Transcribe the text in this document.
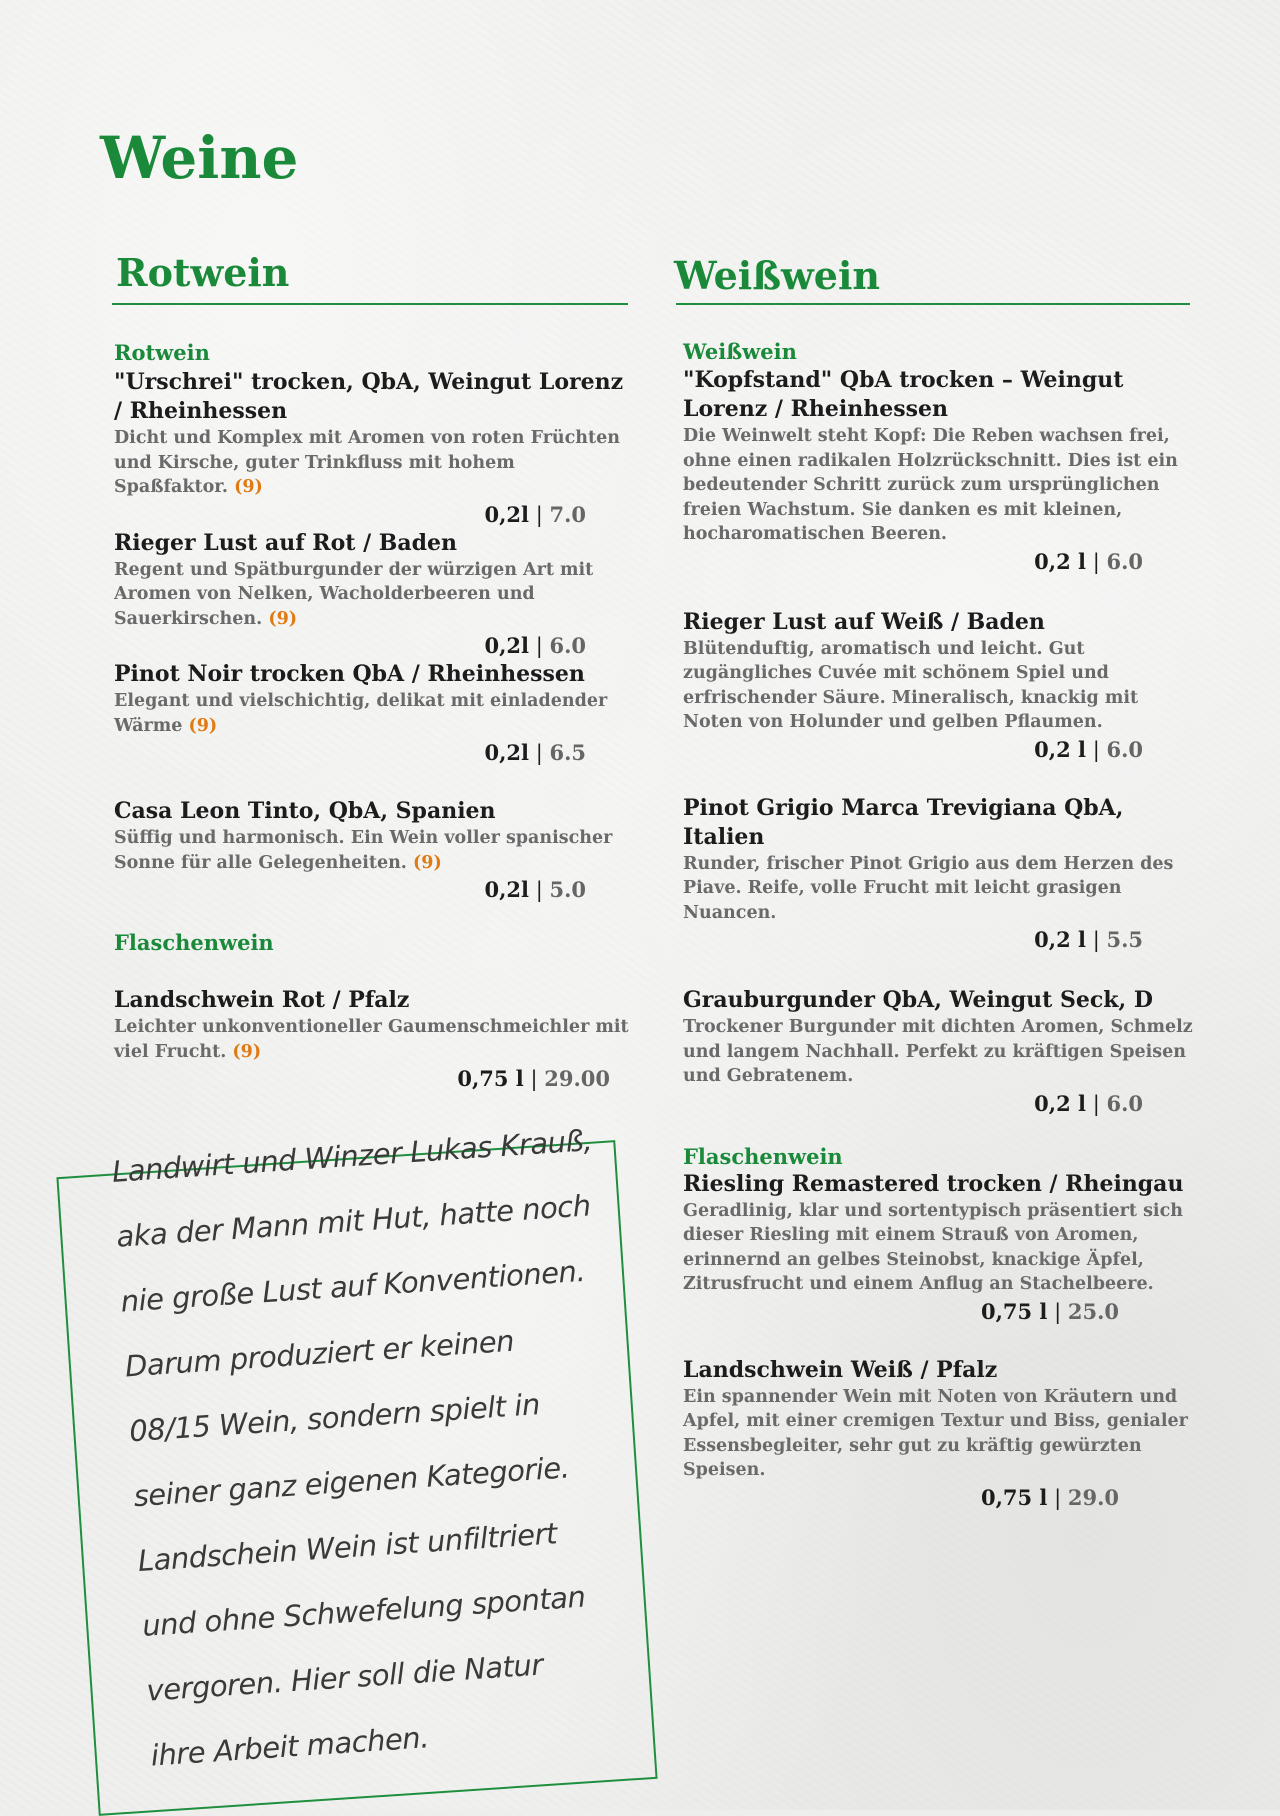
Weine
Rotwein

Rotwein

"Urschrei" trocken, QbA, Weingut Lorenz / Rheinhessen

Dicht und Komplex mit Aromen von roten Früchten und Kirsche, guter Trinkfluss mit hohem Spaßfaktor. (9)

0,2l | 7.0

Rieger Lust auf Rot / Baden

Regent und Spätburgunder der würzigen Art mit Aromen von Nelken, Wacholderbeeren und Sauerkirschen. (9)

0,2l | 6.0

Pinot Noir trocken QbA / Rheinhessen

Elegant und vielschichtig, delikat mit einladender Wärme (9)

0,2l | 6.5

Casa Leon Tinto, QbA, Spanien

Süffig und harmonisch. Ein Wein voller spanischer Sonne für alle Gelegenheiten. (9)

0,2l | 5.0

Flaschenwein

Landschwein Rot / Pfalz

Leichter unkonventioneller Gaumenschmeichler mit viel Frucht. (9)

0,75 l | 29.00

Weißwein

Weißwein

"Kopfstand" QbA trocken – Weingut Lorenz / Rheinhessen

Die Weinwelt steht Kopf: Die Reben wachsen frei, ohne einen radikalen Holzrückschnitt. Dies ist ein bedeutender Schritt zurück zum ursprünglichen freien Wachstum. Sie danken es mit kleinen, hocharomatischen Beeren.

0,2 l | 6.0

Rieger Lust auf Weiß / Baden

Blütenduftig, aromatisch und leicht. Gut zugängliches Cuvée mit schönem Spiel und erfrischender Säure. Mineralisch, knackig mit Noten von Holunder und gelben Pflaumen.

0,2 l | 6.0

Pinot Grigio Marca Trevigiana QbA, Italien

Runder, frischer Pinot Grigio aus dem Herzen des Piave. Reife, volle Frucht mit leicht grasigen Nuancen.

0,2 l | 5.5

Grauburgunder QbA, Weingut Seck, D

Trockener Burgunder mit dichten Aromen, Schmelz und langem Nachhall. Perfekt zu kräftigen Speisen und Gebratenem.

0,2 l | 6.0

Flaschenwein

Riesling Remastered trocken / Rheingau

Geradlinig, klar und sortentypisch präsentiert sich dieser Riesling mit einem Strauß von Aromen, erinnernd an gelbes Steinobst, knackige Äpfel, Zitrusfrucht und einem Anflug an Stachelbeere.

0,75 l | 25.0

Landschwein Weiß / Pfalz

Ein spannender Wein mit Noten von Kräutern und Apfel, mit einer cremigen Textur und Biss, genialer Essensbegleiter, sehr gut zu kräftig gewürzten Speisen.

0,75 l | 29.0

Landwirt und Winzer Lukas Krauß,
aka der Mann mit Hut, hatte noch
nie große Lust auf Konventionen.
Darum produziert er keinen
08/15 Wein, sondern spielt in
seiner ganz eigenen Kategorie.
Landschein Wein ist unfiltriert
und ohne Schwefelung spontan
vergoren. Hier soll die Natur
ihre Arbeit machen.
